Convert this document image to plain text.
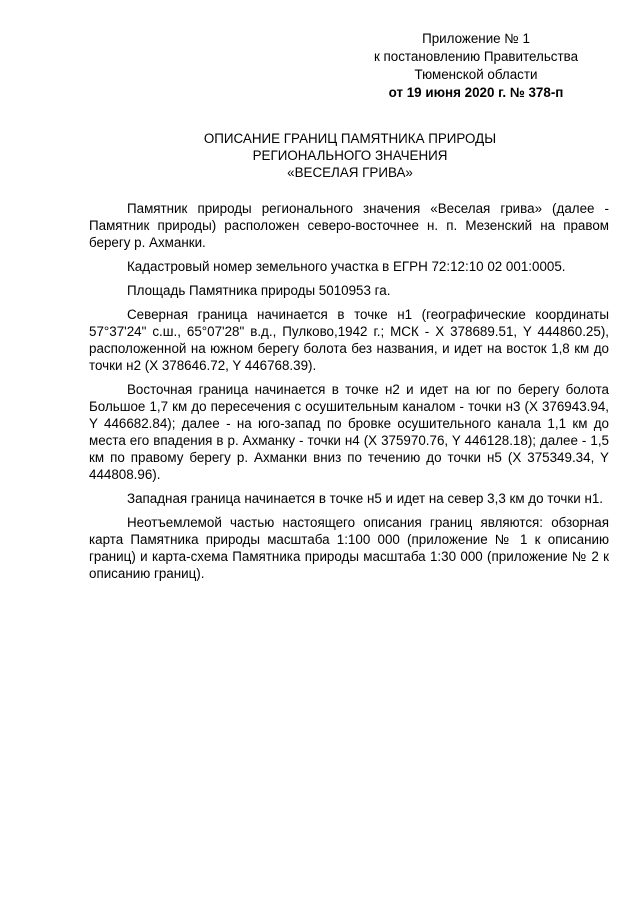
Приложение № 1
к постановлению Правительства
Тюменской области
от 19 июня 2020 г. № 378-п
ОПИСАНИЕ ГРАНИЦ ПАМЯТНИКА ПРИРОДЫ
РЕГИОНАЛЬНОГО ЗНАЧЕНИЯ
«ВЕСЕЛАЯ ГРИВА»

Памятник природы регионального значения «Веселая грива» (далее - Памятник природы) расположен северо-восточнее н. п. Мезенский на правом берегу р. Ахманки.

Кадастровый номер земельного участка в ЕГРН 72:12:10 02 001:0005.

Площадь Памятника природы 5010953 га.

Северная граница начинается в точке н1 (географические координаты 57°37'24" с.ш., 65°07'28" в.д., Пулково,1942 г.; МСК - X 378689.51, Y 444860.25), расположенной на южном берегу болота без названия, и идет на восток 1,8 км до точки н2 (X 378646.72, Y 446768.39).

Восточная граница начинается в точке н2 и идет на юг по берегу болота Большое 1,7 км до пересечения с осушительным каналом - точки н3 (X 376943.94, Y 446682.84); далее - на юго-запад по бровке осушительного канала 1,1 км до места его впадения в р. Ахманку - точки н4 (X 375970.76, Y 446128.18); далее - 1,5 км по правому берегу р. Ахманки вниз по течению до точки н5 (X 375349.34, Y 444808.96).

Западная граница начинается в точке н5 и идет на север 3,3 км до точки н1.

Неотъемлемой частью настоящего описания границ являются: обзорная карта Памятника природы масштаба 1:100 000 (приложение № 1 к описанию границ) и карта-схема Памятника природы масштаба 1:30 000 (приложение № 2 к описанию границ).
